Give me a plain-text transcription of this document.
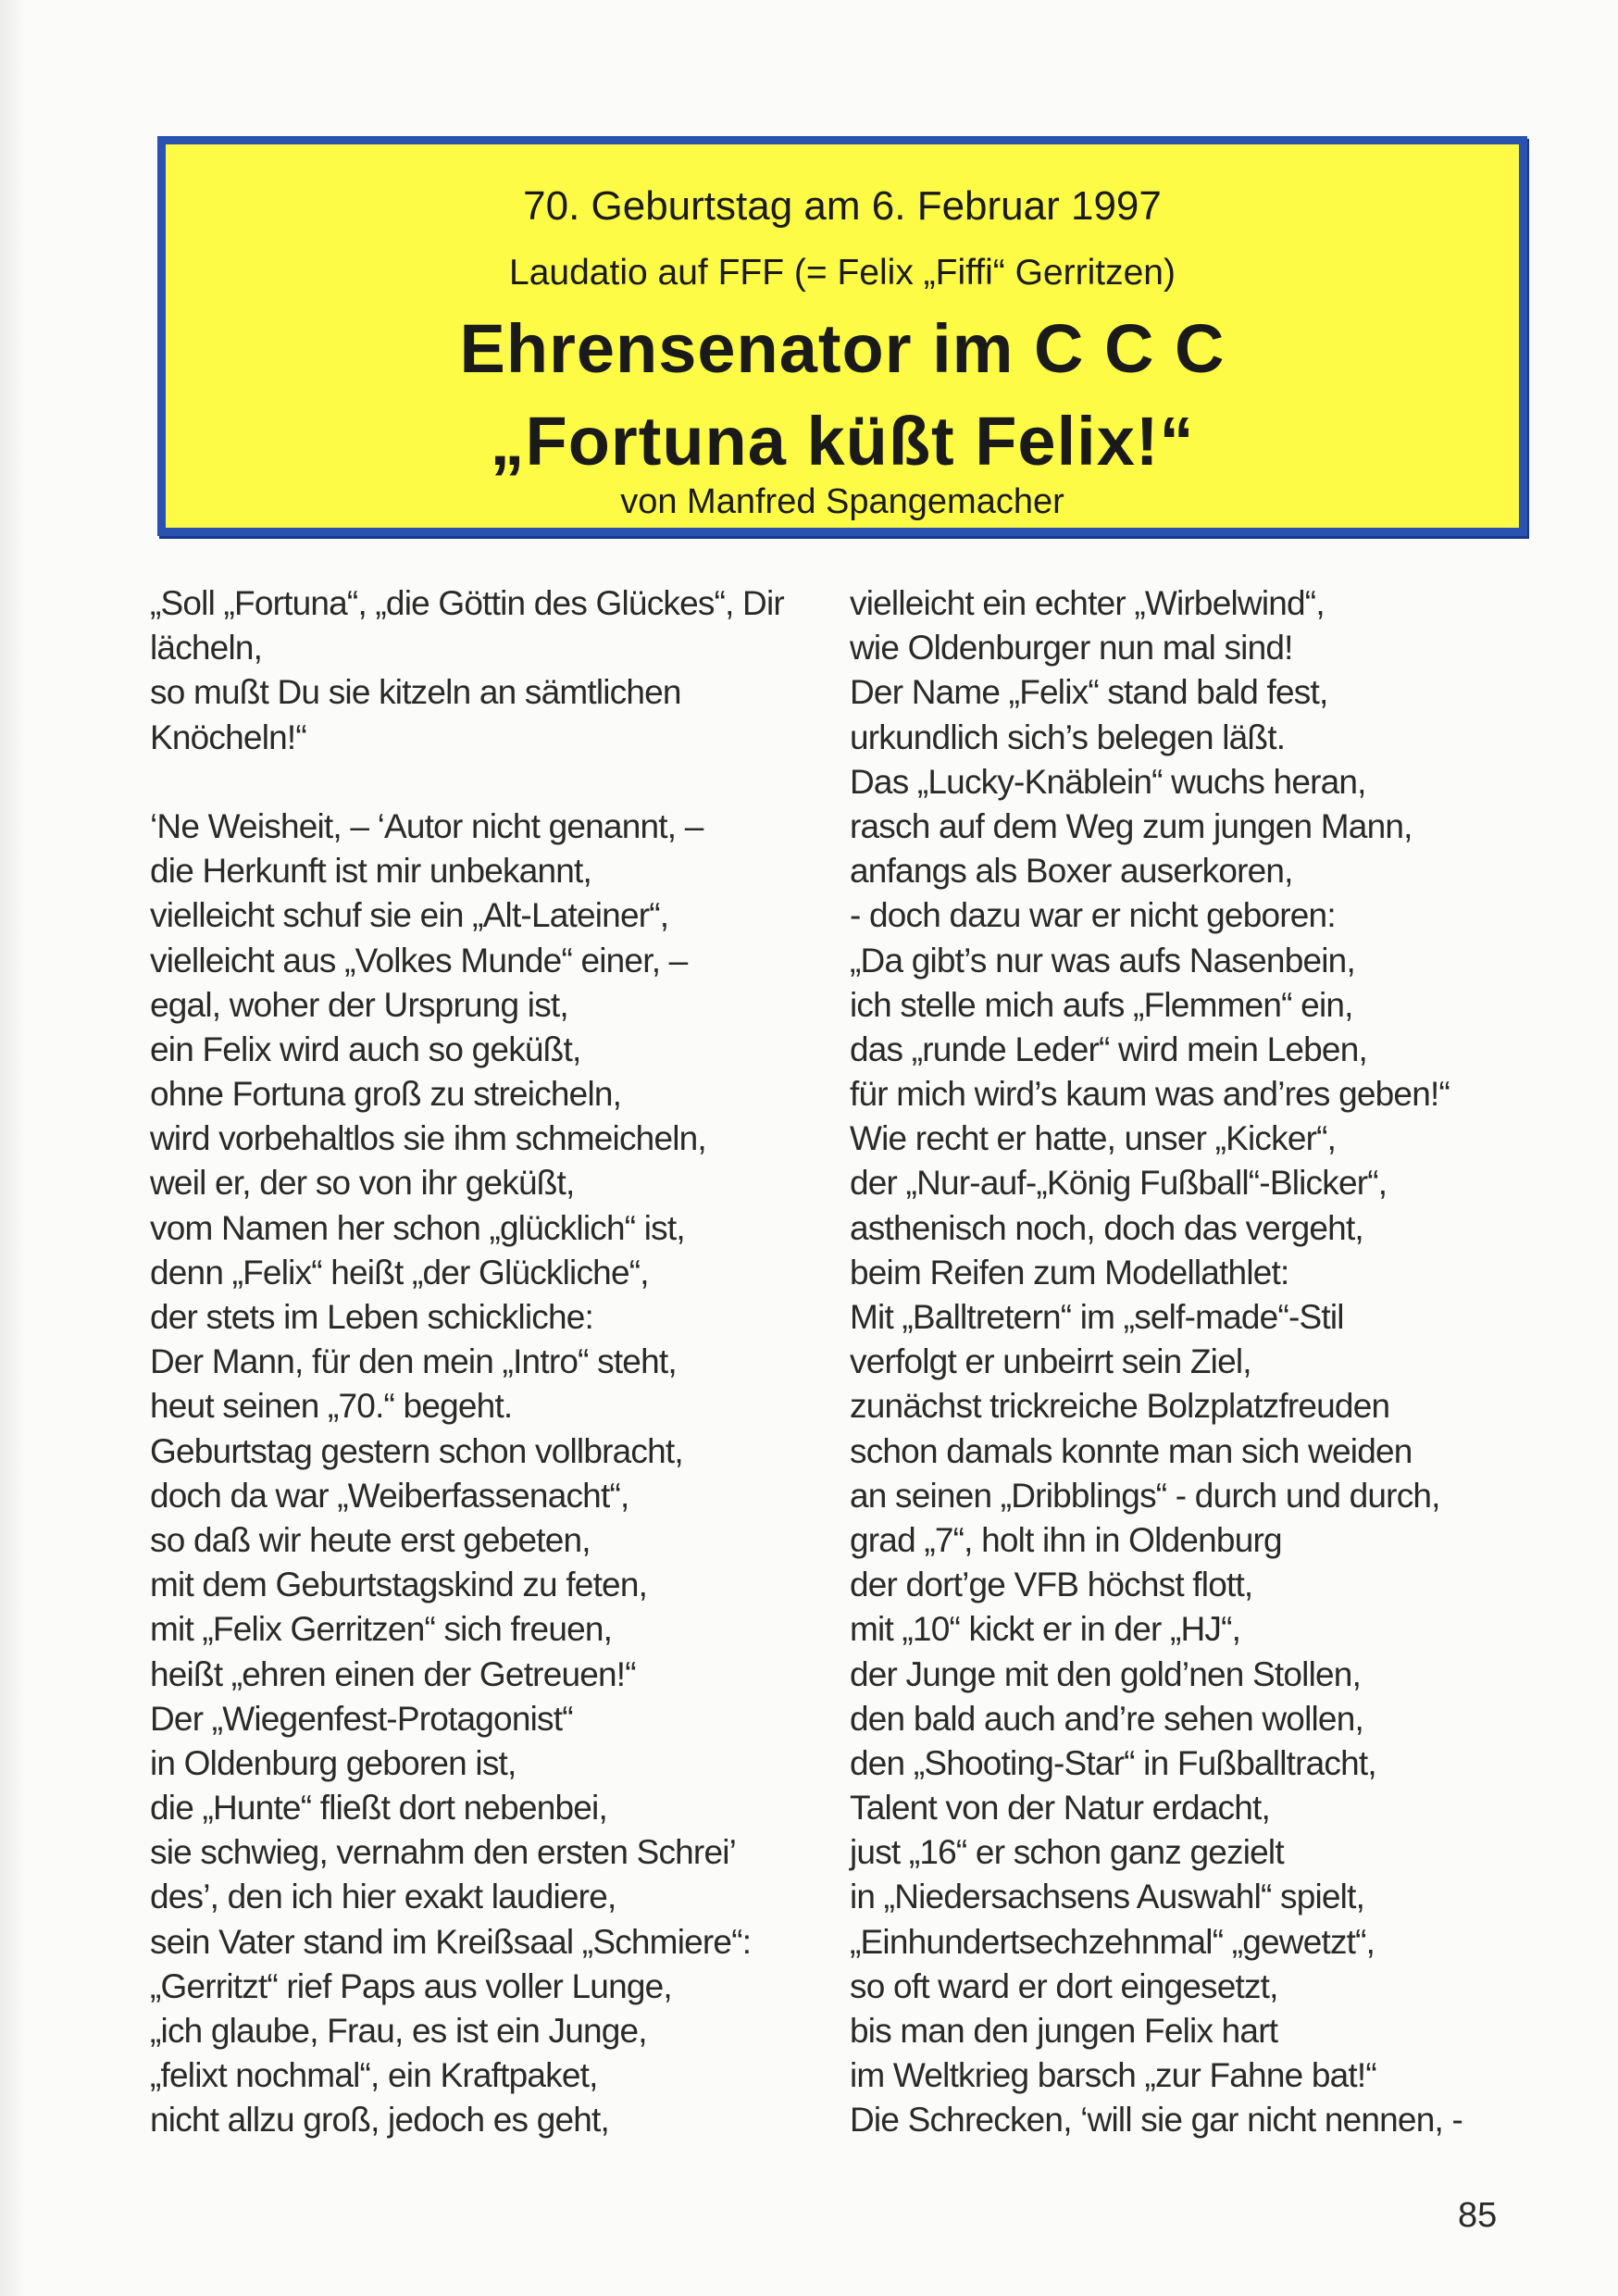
70. Geburtstag am 6. Februar 1997
Laudatio auf FFF (= Felix „Fiffi“ Gerritzen)
Ehrensenator im C C C
„Fortuna küßt Felix!“
von Manfred Spangemacher
„Soll „Fortuna“, „die Göttin des Glückes“, Dir
lächeln,
so mußt Du sie kitzeln an sämtlichen
Knöcheln!“
‘Ne Weisheit, – ‘Autor nicht genannt, –
die Herkunft ist mir unbekannt,
vielleicht schuf sie ein „Alt-Lateiner“,
vielleicht aus „Volkes Munde“ einer, –
egal, woher der Ursprung ist,
ein Felix wird auch so geküßt,
ohne Fortuna groß zu streicheln,
wird vorbehaltlos sie ihm schmeicheln,
weil er, der so von ihr geküßt,
vom Namen her schon „glücklich“ ist,
denn „Felix“ heißt „der Glückliche“,
der stets im Leben schickliche:
Der Mann, für den mein „Intro“ steht,
heut seinen „70.“ begeht.
Geburtstag gestern schon vollbracht,
doch da war „Weiberfassenacht“,
so daß wir heute erst gebeten,
mit dem Geburtstagskind zu feten,
mit „Felix Gerritzen“ sich freuen,
heißt „ehren einen der Getreuen!“
Der „Wiegenfest-Protagonist“
in Oldenburg geboren ist,
die „Hunte“ fließt dort nebenbei,
sie schwieg, vernahm den ersten Schrei’
des’, den ich hier exakt laudiere,
sein Vater stand im Kreißsaal „Schmiere“:
„Gerritzt“ rief Paps aus voller Lunge,
„ich glaube, Frau, es ist ein Junge,
„felixt nochmal“, ein Kraftpaket,
nicht allzu groß, jedoch es geht,
vielleicht ein echter „Wirbelwind“,
wie Oldenburger nun mal sind!
Der Name „Felix“ stand bald fest,
urkundlich sich’s belegen läßt.
Das „Lucky-Knäblein“ wuchs heran,
rasch auf dem Weg zum jungen Mann,
anfangs als Boxer auserkoren,
- doch dazu war er nicht geboren:
„Da gibt’s nur was aufs Nasenbein,
ich stelle mich aufs „Flemmen“ ein,
das „runde Leder“ wird mein Leben,
für mich wird’s kaum was and’res geben!“
Wie recht er hatte, unser „Kicker“,
der „Nur-auf-„König Fußball“-Blicker“,
asthenisch noch, doch das vergeht,
beim Reifen zum Modellathlet:
Mit „Balltretern“ im „self-made“-Stil
verfolgt er unbeirrt sein Ziel,
zunächst trickreiche Bolzplatzfreuden
schon damals konnte man sich weiden
an seinen „Dribblings“ - durch und durch,
grad „7“, holt ihn in Oldenburg
der dort’ge VFB höchst flott,
mit „10“ kickt er in der „HJ“,
der Junge mit den gold’nen Stollen,
den bald auch and’re sehen wollen,
den „Shooting-Star“ in Fußballtracht,
Talent von der Natur erdacht,
just „16“ er schon ganz gezielt
in „Niedersachsens Auswahl“ spielt,
„Einhundertsechzehnmal“ „gewetzt“,
so oft ward er dort eingesetzt,
bis man den jungen Felix hart
im Weltkrieg barsch „zur Fahne bat!“
Die Schrecken, ‘will sie gar nicht nennen, -
85
